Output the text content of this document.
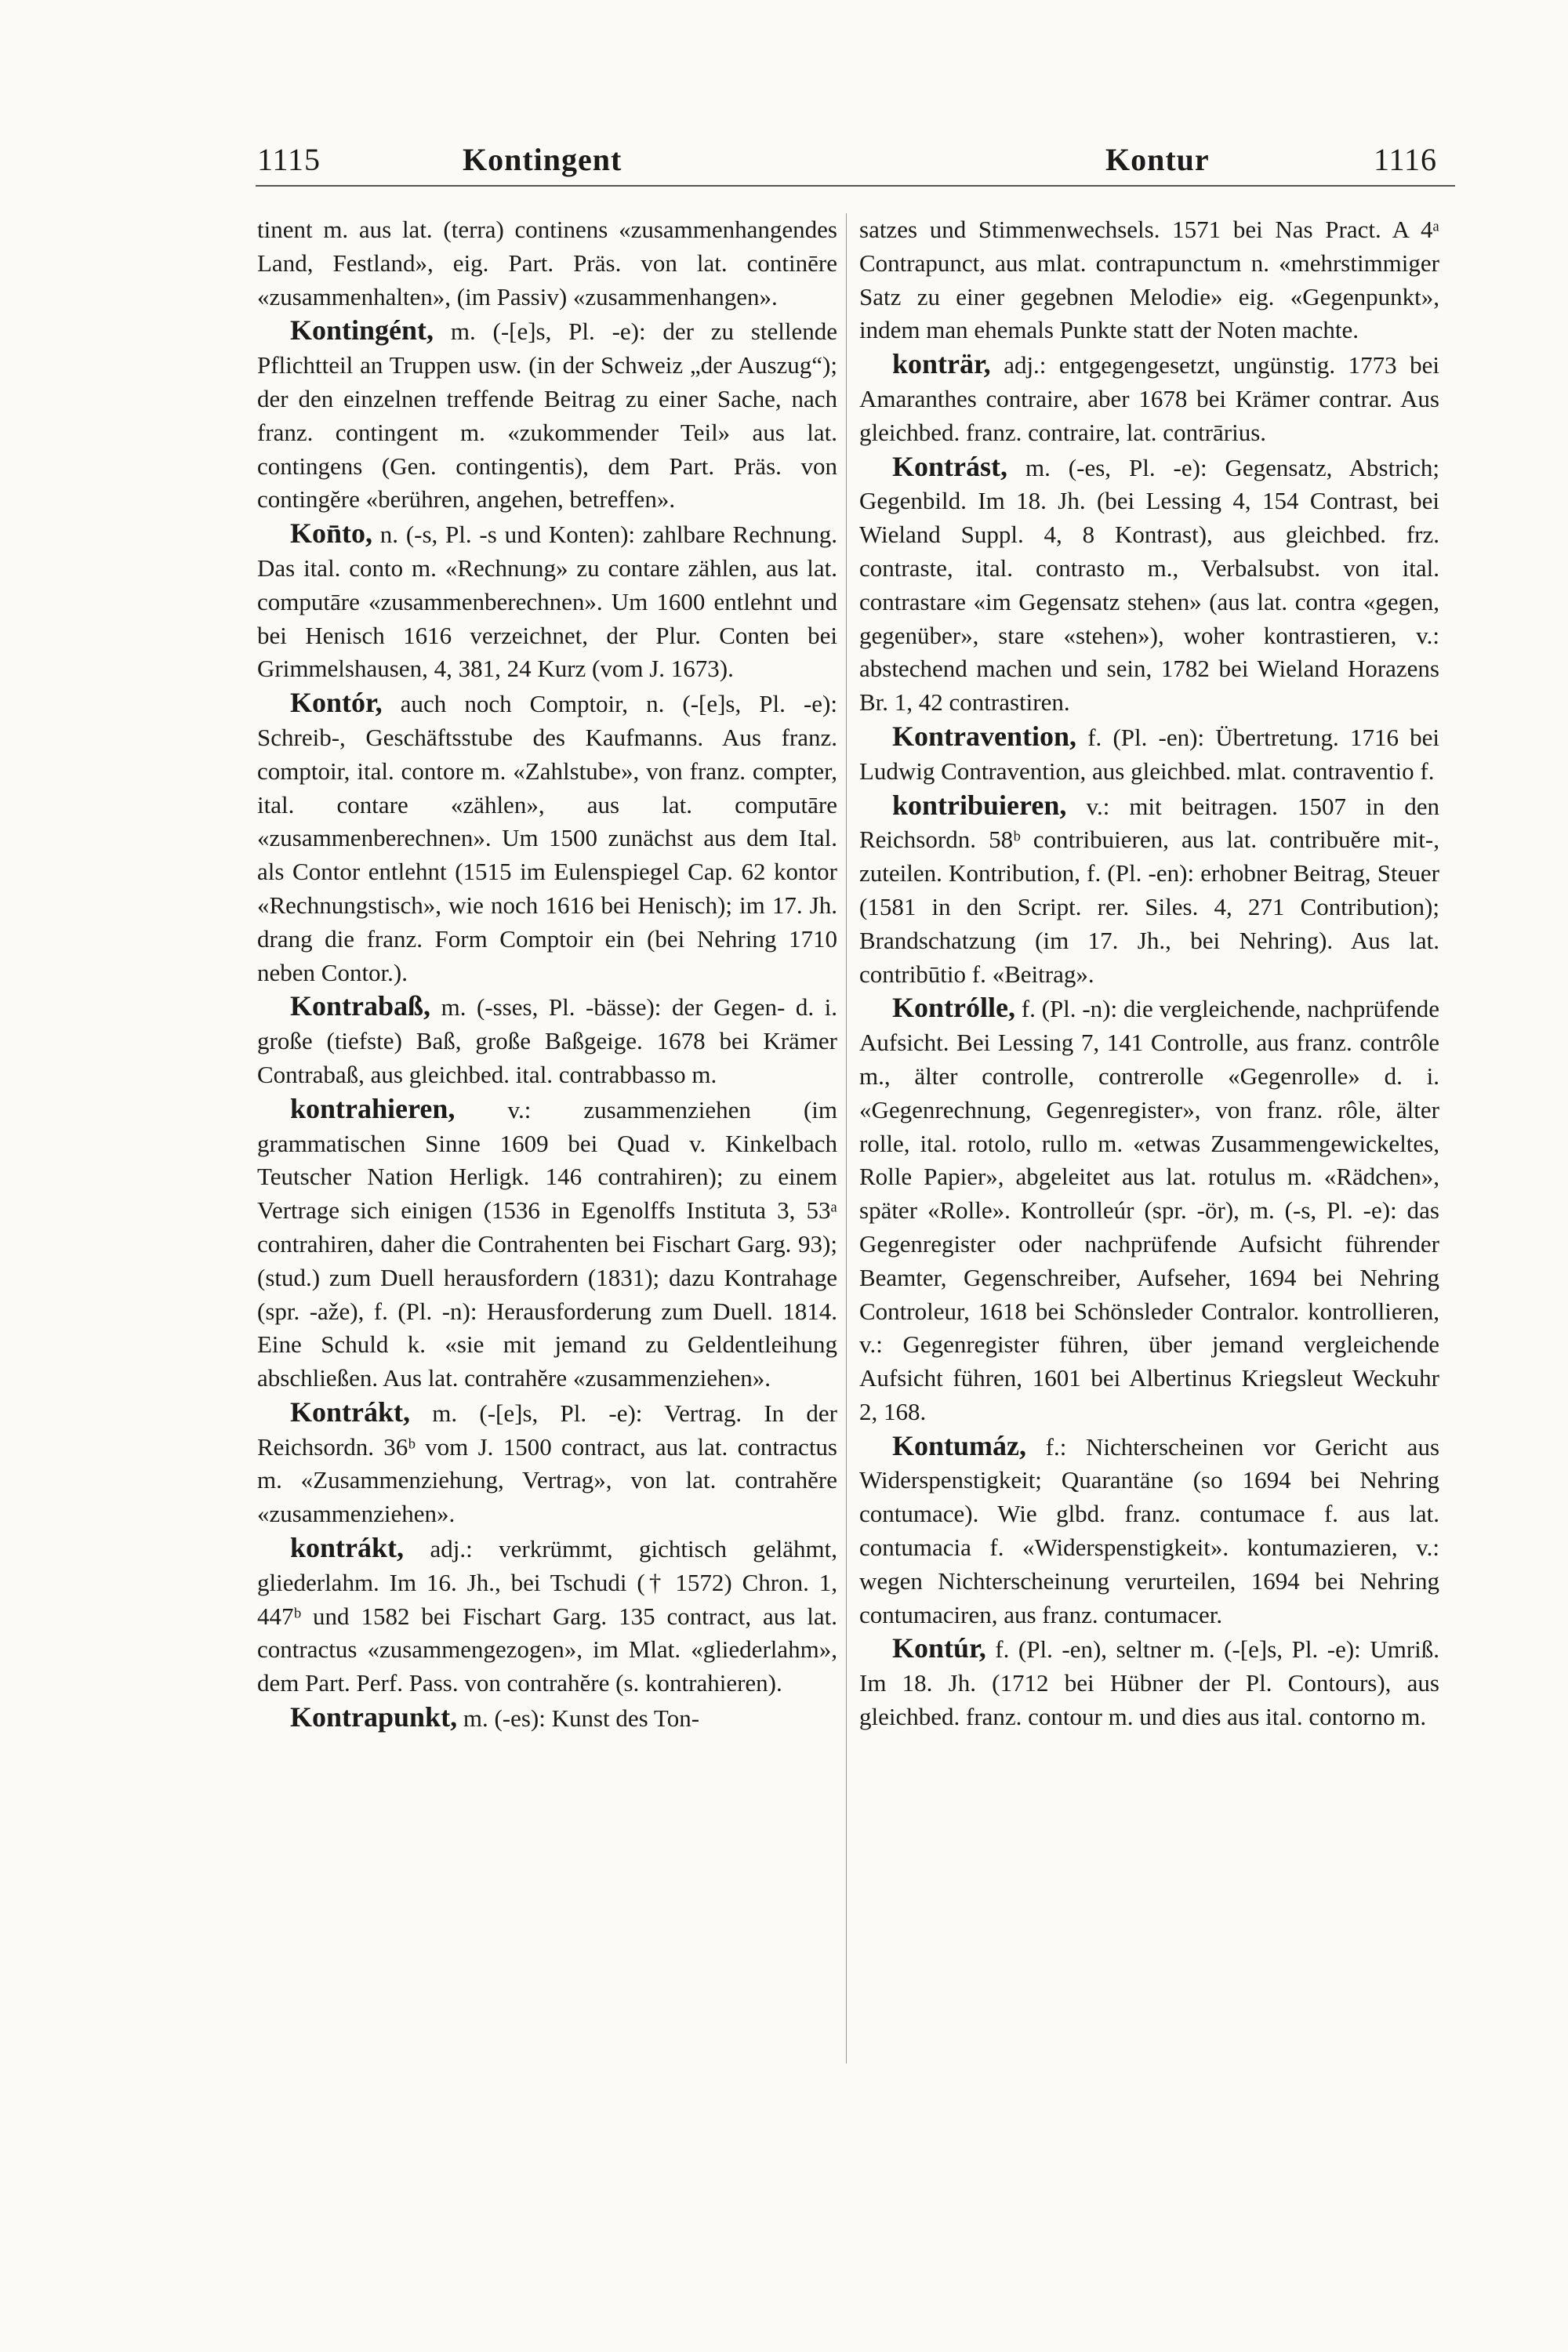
1115	Kontingent	Kontur	1116

tinent m. aus lat. (terra) continens «zusammenhangendes Land, Festland», eig. Part. Präs. von lat. continēre «zusammenhalten», (im Passiv) «zusammenhangen».

Kontingént, m. (-[e]s, Pl. -e): der zu stellende Pflichtteil an Truppen usw. (in der Schweiz „der Auszug“); der den einzelnen treffende Beitrag zu einer Sache, nach franz. contingent m. «zukommender Teil» aus lat. contingens (Gen. contingentis), dem Part. Präs. von contingĕre «berühren, angehen, betreffen».

Kon̄to, n. (-s, Pl. -s und Konten): zahlbare Rechnung. Das ital. conto m. «Rechnung» zu contare zählen, aus lat. computāre «zusammenberechnen». Um 1600 entlehnt und bei Henisch 1616 verzeichnet, der Plur. Conten bei Grimmelshausen, 4, 381, 24 Kurz (vom J. 1673).

Kontór, auch noch Comptoir, n. (-[e]s, Pl. -e): Schreib-, Geschäftsstube des Kaufmanns. Aus franz. comptoir, ital. contore m. «Zahlstube», von franz. compter, ital. contare «zählen», aus lat. computāre «zusammenberechnen». Um 1500 zunächst aus dem Ital. als Contor entlehnt (1515 im Eulenspiegel Cap. 62 kontor «Rechnungstisch», wie noch 1616 bei Henisch); im 17. Jh. drang die franz. Form Comptoir ein (bei Nehring 1710 neben Contor.).

Kontrabaß, m. (-sses, Pl. -bässe): der Gegen- d. i. große (tiefste) Baß, große Baßgeige. 1678 bei Krämer Contrabaß, aus gleichbed. ital. contrabbasso m.

kontrahieren, v.: zusammenziehen (im grammatischen Sinne 1609 bei Quad v. Kinkelbach Teutscher Nation Herligk. 146 contrahiren); zu einem Vertrage sich einigen (1536 in Egenolffs Instituta 3, 53ᵃ contrahiren, daher die Contrahenten bei Fischart Garg. 93); (stud.) zum Duell herausfordern (1831); dazu Kontrahage (spr. -aže), f. (Pl. -n): Herausforderung zum Duell. 1814. Eine Schuld k. «sie mit jemand zu Geldentleihung abschließen. Aus lat. contrahĕre «zusammenziehen».

Kontrákt, m. (-[e]s, Pl. -e): Vertrag. In der Reichsordn. 36ᵇ vom J. 1500 contract, aus lat. contractus m. «Zusammenziehung, Vertrag», von lat. contrahĕre «zusammenziehen».

kontrákt, adj.: verkrümmt, gichtisch gelähmt, gliederlahm. Im 16. Jh., bei Tschudi († 1572) Chron. 1, 447ᵇ und 1582 bei Fischart Garg. 135 contract, aus lat. contractus «zusammengezogen», im Mlat. «gliederlahm», dem Part. Perf. Pass. von contrahĕre (s. kontrahieren).

Kontrapunkt, m. (-es): Kunst des Ton-

satzes und Stimmenwechsels. 1571 bei Nas Pract. A 4ᵃ Contrapunct, aus mlat. contrapunctum n. «mehrstimmiger Satz zu einer gegebnen Melodie» eig. «Gegenpunkt», indem man ehemals Punkte statt der Noten machte.

konträr, adj.: entgegengesetzt, ungünstig. 1773 bei Amaranthes contraire, aber 1678 bei Krämer contrar. Aus gleichbed. franz. contraire, lat. contrārius.

Kontrást, m. (-es, Pl. -e): Gegensatz, Abstrich; Gegenbild. Im 18. Jh. (bei Lessing 4, 154 Contrast, bei Wieland Suppl. 4, 8 Kontrast), aus gleichbed. frz. contraste, ital. contrasto m., Verbalsubst. von ital. contrastare «im Gegensatz stehen» (aus lat. contra «gegen, gegenüber», stare «stehen»), woher kontrastieren, v.: abstechend machen und sein, 1782 bei Wieland Horazens Br. 1, 42 contrastiren.

Kontravention, f. (Pl. -en): Übertretung. 1716 bei Ludwig Contravention, aus gleichbed. mlat. contraventio f.

kontribuieren, v.: mit beitragen. 1507 in den Reichsordn. 58ᵇ contribuieren, aus lat. contribuĕre mit-, zuteilen. Kontribution, f. (Pl. -en): erhobner Beitrag, Steuer (1581 in den Script. rer. Siles. 4, 271 Contribution); Brandschatzung (im 17. Jh., bei Nehring). Aus lat. contribūtio f. «Beitrag».

Kontrólle, f. (Pl. -n): die vergleichende, nachprüfende Aufsicht. Bei Lessing 7, 141 Controlle, aus franz. contrôle m., älter controlle, contrerolle «Gegenrolle» d. i. «Gegenrechnung, Gegenregister», von franz. rôle, älter rolle, ital. rotolo, rullo m. «etwas Zusammengewickeltes, Rolle Papier», abgeleitet aus lat. rotulus m. «Rädchen», später «Rolle». Kontrolleúr (spr. -ör), m. (-s, Pl. -e): das Gegenregister oder nachprüfende Aufsicht führender Beamter, Gegenschreiber, Aufseher, 1694 bei Nehring Controleur, 1618 bei Schönsleder Contralor. kontrollieren, v.: Gegenregister führen, über jemand vergleichende Aufsicht führen, 1601 bei Albertinus Kriegsleut Weckuhr 2, 168.

Kontumáz, f.: Nichterscheinen vor Gericht aus Widerspenstigkeit; Quarantäne (so 1694 bei Nehring contumace). Wie glbd. franz. contumace f. aus lat. contumacia f. «Widerspenstigkeit». kontumazieren, v.: wegen Nichterscheinung verurteilen, 1694 bei Nehring contumaciren, aus franz. contumacer.

Kontúr, f. (Pl. -en), seltner m. (-[e]s, Pl. -e): Umriß. Im 18. Jh. (1712 bei Hübner der Pl. Contours), aus gleichbed. franz. contour m. und dies aus ital. contorno m.
